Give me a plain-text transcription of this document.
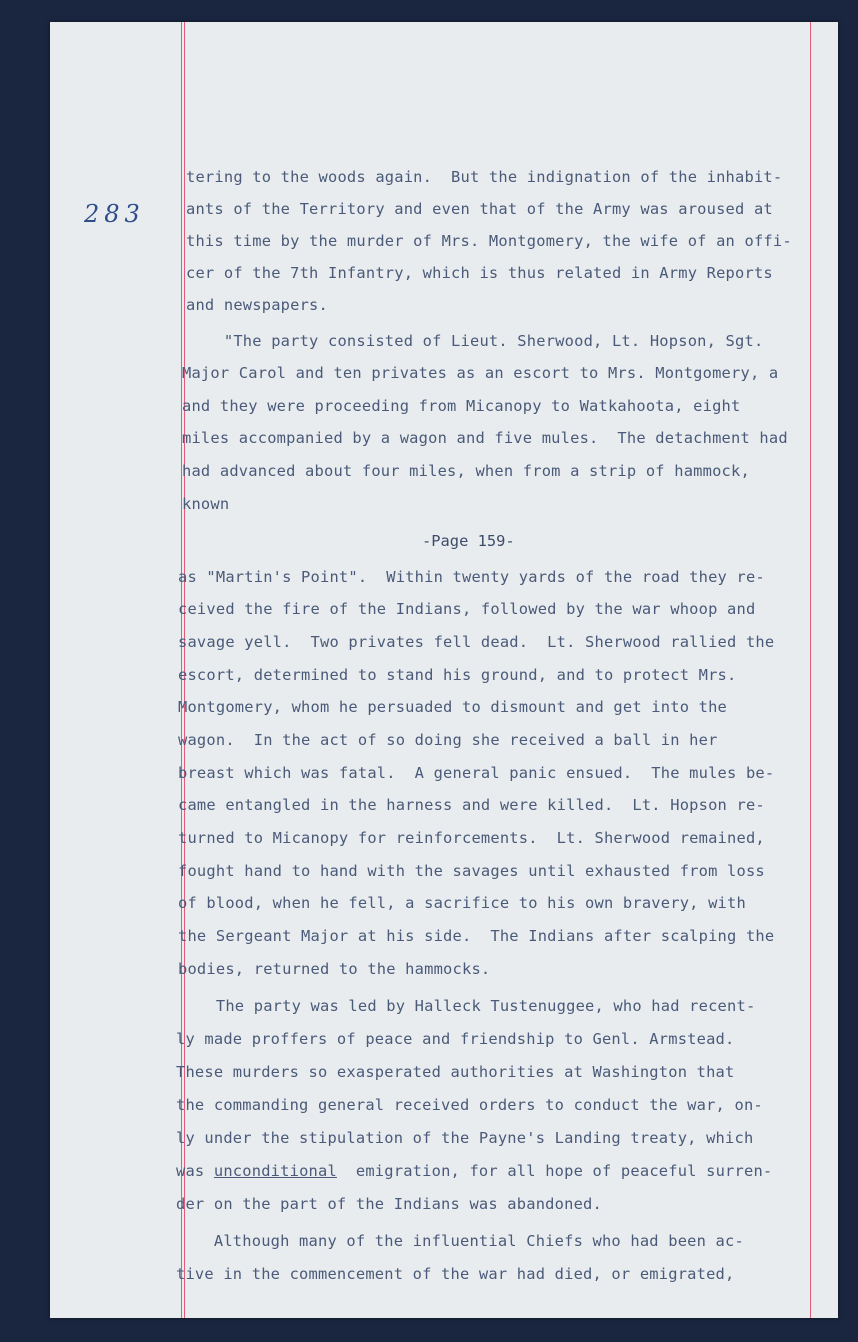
283
tering to the woods again.  But the indignation of the inhabit-
ants of the Territory and even that of the Army was aroused at
this time by the murder of Mrs. Montgomery, the wife of an offi-
cer of the 7th Infantry, which is thus related in Army Reports
and newspapers.
"The party consisted of Lieut. Sherwood, Lt. Hopson, Sgt.
Major Carol and ten privates as an escort to Mrs. Montgomery, a
and they were proceeding from Micanopy to Watkahoota, eight
miles accompanied by a wagon and five mules.  The detachment had
had advanced about four miles, when from a strip of hammock,
known
-Page 159-
as "Martin's Point".  Within twenty yards of the road they re-
ceived the fire of the Indians, followed by the war whoop and
savage yell.  Two privates fell dead.  Lt. Sherwood rallied the
escort, determined to stand his ground, and to protect Mrs.
Montgomery, whom he persuaded to dismount and get into the
wagon.  In the act of so doing she received a ball in her
breast which was fatal.  A general panic ensued.  The mules be-
came entangled in the harness and were killed.  Lt. Hopson re-
turned to Micanopy for reinforcements.  Lt. Sherwood remained,
fought hand to hand with the savages until exhausted from loss
of blood, when he fell, a sacrifice to his own bravery, with
the Sergeant Major at his side.  The Indians after scalping the
bodies, returned to the hammocks.
The party was led by Halleck Tustenuggee, who had recent-
ly made proffers of peace and friendship to Genl. Armstead.
These murders so exasperated authorities at Washington that
the commanding general received orders to conduct the war, on-
ly under the stipulation of the Payne's Landing treaty, which
was unconditional  emigration, for all hope of peaceful surren-
der on the part of the Indians was abandoned.
Although many of the influential Chiefs who had been ac-
tive in the commencement of the war had died, or emigrated,
